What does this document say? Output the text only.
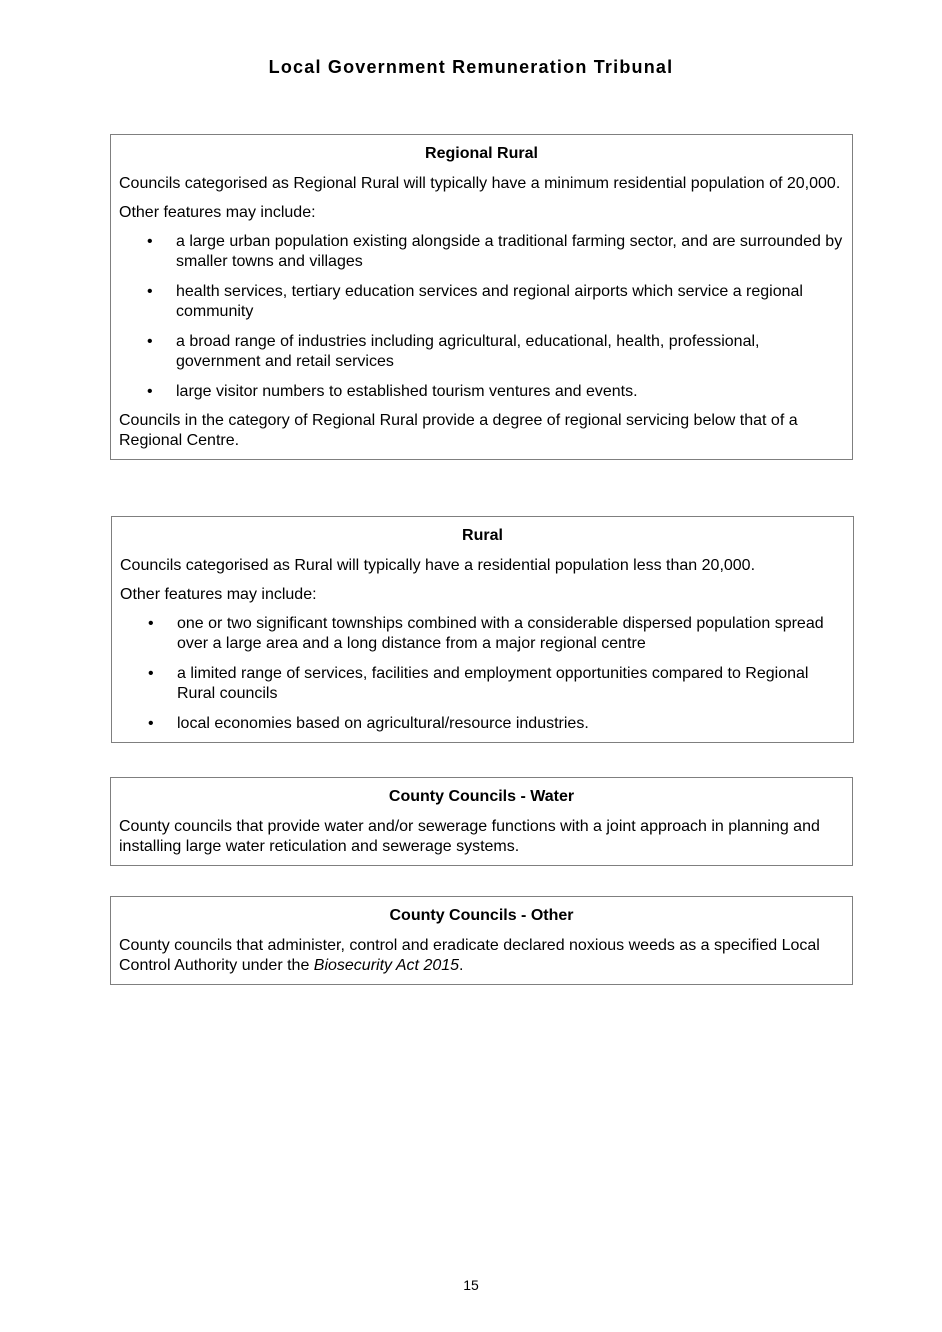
Local Government Remuneration Tribunal
Regional Rural

Councils categorised as Regional Rural will typically have a minimum residential population of 20,000.

Other features may include:

• a large urban population existing alongside a traditional farming sector, and are surrounded by smaller towns and villages
• health services, tertiary education services and regional airports which service a regional community
• a broad range of industries including agricultural, educational, health, professional, government and retail services
• large visitor numbers to established tourism ventures and events.

Councils in the category of Regional Rural provide a degree of regional servicing below that of a Regional Centre.

Rural

Councils categorised as Rural will typically have a residential population less than 20,000.

Other features may include:

• one or two significant townships combined with a considerable dispersed population spread over a large area and a long distance from a major regional centre
• a limited range of services, facilities and employment opportunities compared to Regional Rural councils
• local economies based on agricultural/resource industries.
County Councils - Water

County councils that provide water and/or sewerage functions with a joint approach in planning and installing large water reticulation and sewerage systems.

County Councils - Other

County councils that administer, control and eradicate declared noxious weeds as a specified Local Control Authority under the Biosecurity Act 2015.

15
